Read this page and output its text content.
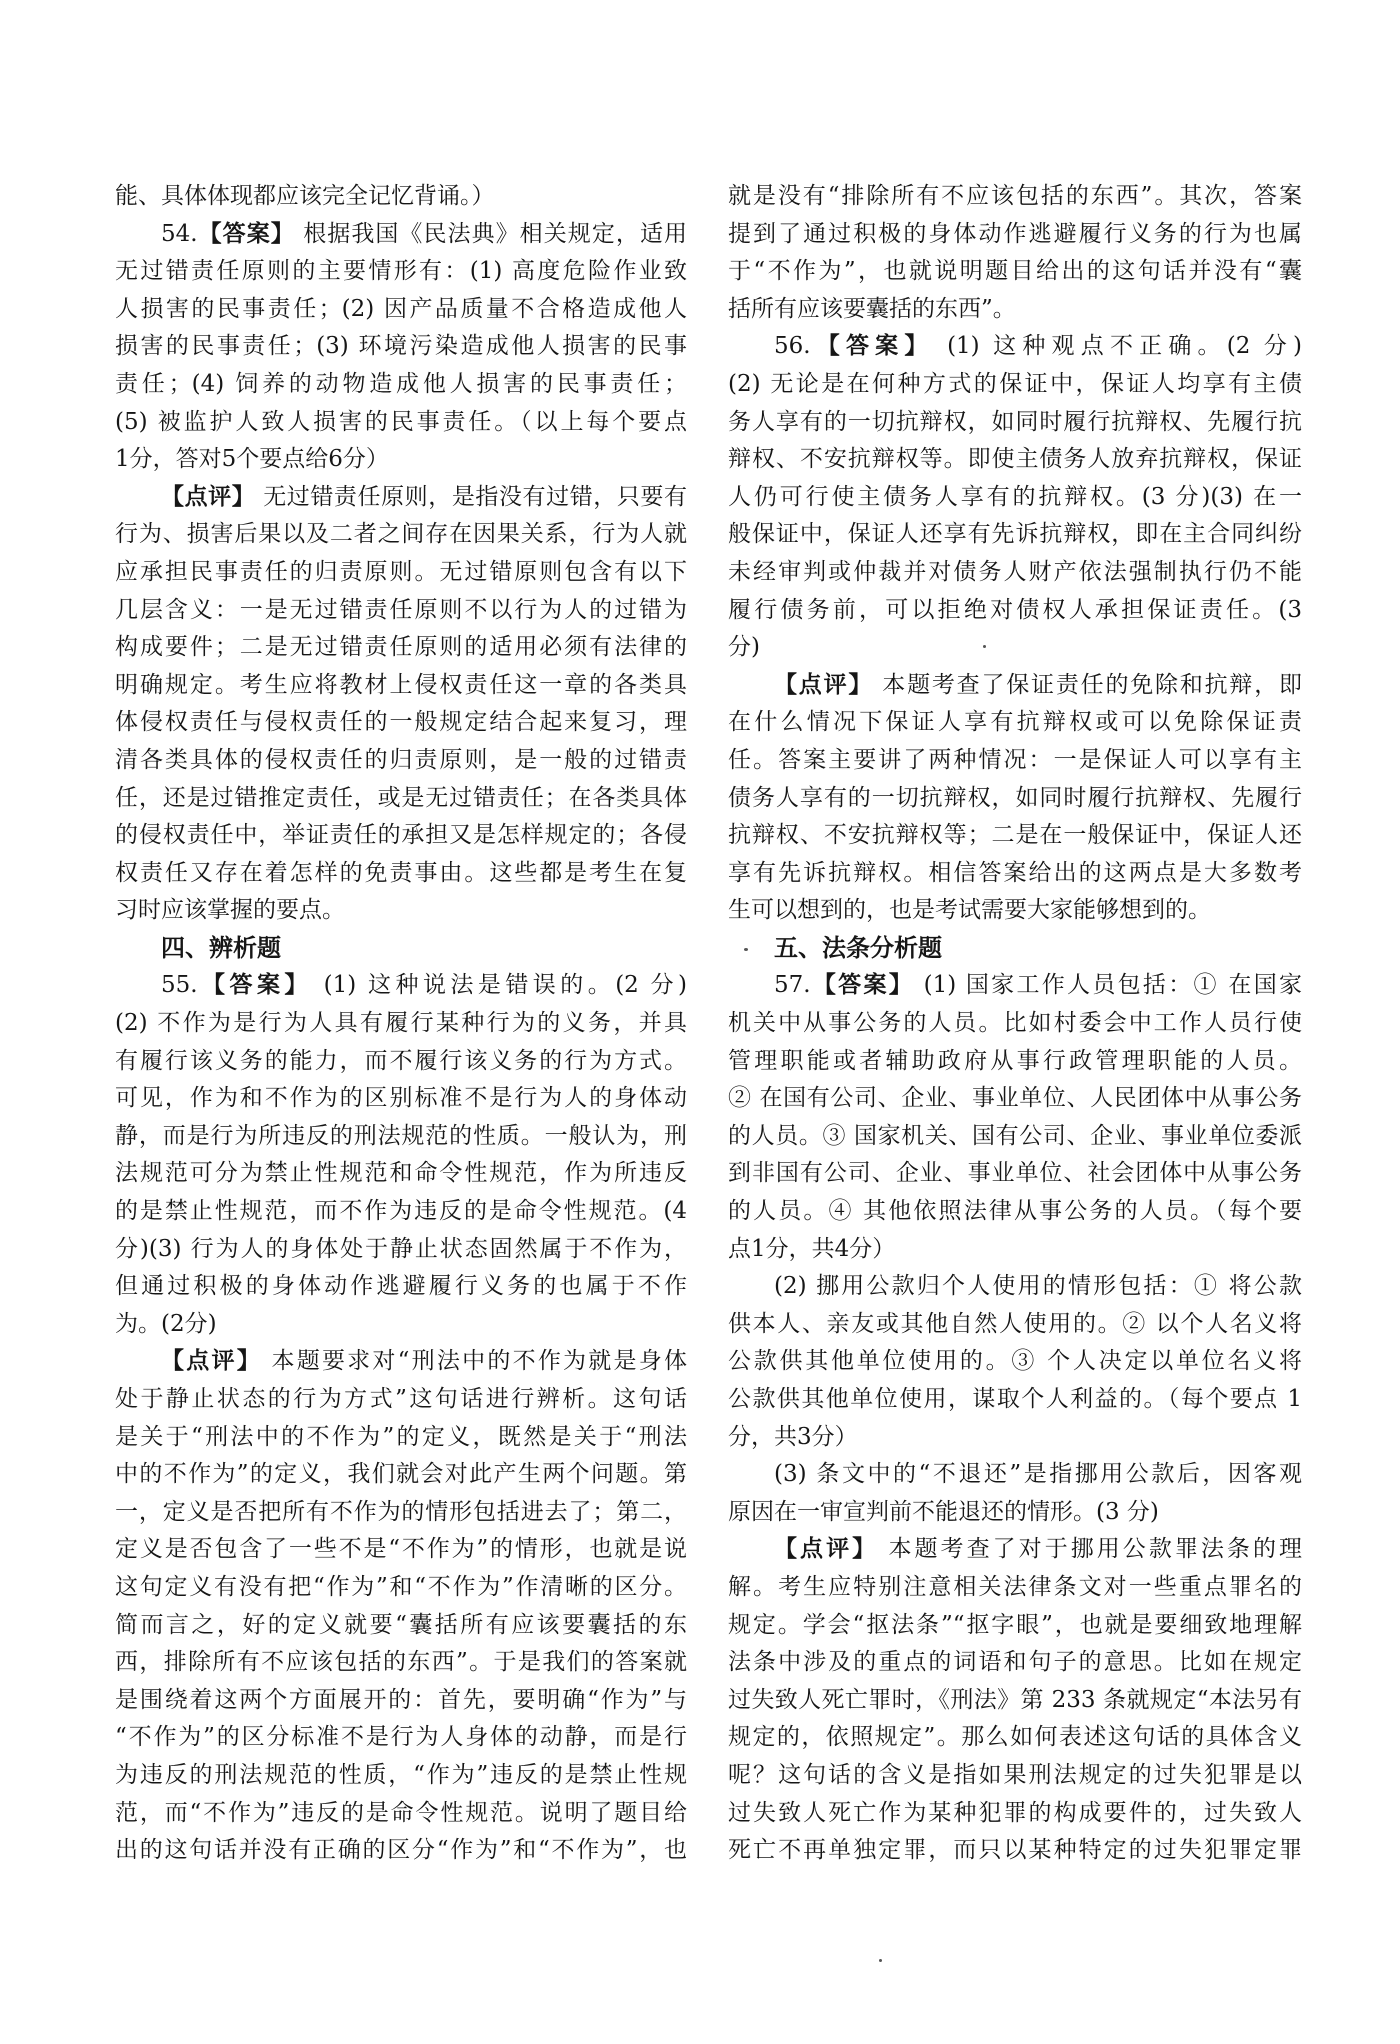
能、具体体现都应该完全记忆背诵。）
54.【答案】 根据我国《民法典》相关规定，适用
无过错责任原则的主要情形有：(1) 高度危险作业致
人损害的民事责任；(2) 因产品质量不合格造成他人
损害的民事责任；(3) 环境污染造成他人损害的民事
责任；(4) 饲养的动物造成他人损害的民事责任；
(5) 被监护人致人损害的民事责任。（以上每个要点
1分，答对5个要点给6分）
【点评】 无过错责任原则，是指没有过错，只要有
行为、损害后果以及二者之间存在因果关系，行为人就
应承担民事责任的归责原则。无过错原则包含有以下
几层含义：一是无过错责任原则不以行为人的过错为
构成要件；二是无过错责任原则的适用必须有法律的
明确规定。考生应将教材上侵权责任这一章的各类具
体侵权责任与侵权责任的一般规定结合起来复习，理
清各类具体的侵权责任的归责原则，是一般的过错责
任，还是过错推定责任，或是无过错责任；在各类具体
的侵权责任中，举证责任的承担又是怎样规定的；各侵
权责任又存在着怎样的免责事由。这些都是考生在复
习时应该掌握的要点。
四、辨析题
55.【答案】 (1) 这种说法是错误的。(2 分)
(2) 不作为是行为人具有履行某种行为的义务，并具
有履行该义务的能力，而不履行该义务的行为方式。
可见，作为和不作为的区别标准不是行为人的身体动
静，而是行为所违反的刑法规范的性质。一般认为，刑
法规范可分为禁止性规范和命令性规范，作为所违反
的是禁止性规范，而不作为违反的是命令性规范。(4
分)(3) 行为人的身体处于静止状态固然属于不作为，
但通过积极的身体动作逃避履行义务的也属于不作
为。(2分)
【点评】 本题要求对“刑法中的不作为就是身体
处于静止状态的行为方式”这句话进行辨析。这句话
是关于“刑法中的不作为”的定义，既然是关于“刑法
中的不作为”的定义，我们就会对此产生两个问题。第
一，定义是否把所有不作为的情形包括进去了；第二，
定义是否包含了一些不是“不作为”的情形，也就是说
这句定义有没有把“作为”和“不作为”作清晰的区分。
简而言之，好的定义就要“囊括所有应该要囊括的东
西，排除所有不应该包括的东西”。于是我们的答案就
是围绕着这两个方面展开的：首先，要明确“作为”与
“不作为”的区分标准不是行为人身体的动静，而是行
为违反的刑法规范的性质，“作为”违反的是禁止性规
范，而“不作为”违反的是命令性规范。说明了题目给
出的这句话并没有正确的区分“作为”和“不作为”，也
就是没有“排除所有不应该包括的东西”。其次，答案
提到了通过积极的身体动作逃避履行义务的行为也属
于“不作为”，也就说明题目给出的这句话并没有“囊
括所有应该要囊括的东西”。
56.【答案】 (1) 这种观点不正确。(2 分)
(2) 无论是在何种方式的保证中，保证人均享有主债
务人享有的一切抗辩权，如同时履行抗辩权、先履行抗
辩权、不安抗辩权等。即使主债务人放弃抗辩权，保证
人仍可行使主债务人享有的抗辩权。(3 分)(3) 在一
般保证中，保证人还享有先诉抗辩权，即在主合同纠纷
未经审判或仲裁并对债务人财产依法强制执行仍不能
履行债务前，可以拒绝对债权人承担保证责任。(3
分)
【点评】 本题考查了保证责任的免除和抗辩，即
在什么情况下保证人享有抗辩权或可以免除保证责
任。答案主要讲了两种情况：一是保证人可以享有主
债务人享有的一切抗辩权，如同时履行抗辩权、先履行
抗辩权、不安抗辩权等；二是在一般保证中，保证人还
享有先诉抗辩权。相信答案给出的这两点是大多数考
生可以想到的，也是考试需要大家能够想到的。
五、法条分析题
57.【答案】 (1) 国家工作人员包括：① 在国家
机关中从事公务的人员。比如村委会中工作人员行使
管理职能或者辅助政府从事行政管理职能的人员。
② 在国有公司、企业、事业单位、人民团体中从事公务
的人员。③ 国家机关、国有公司、企业、事业单位委派
到非国有公司、企业、事业单位、社会团体中从事公务
的人员。④ 其他依照法律从事公务的人员。（每个要
点1分，共4分）
(2) 挪用公款归个人使用的情形包括：① 将公款
供本人、亲友或其他自然人使用的。② 以个人名义将
公款供其他单位使用的。③ 个人决定以单位名义将
公款供其他单位使用，谋取个人利益的。（每个要点 1
分，共3分）
(3) 条文中的“不退还”是指挪用公款后，因客观
原因在一审宣判前不能退还的情形。(3 分)
【点评】 本题考查了对于挪用公款罪法条的理
解。考生应特别注意相关法律条文对一些重点罪名的
规定。学会“抠法条”“抠字眼”，也就是要细致地理解
法条中涉及的重点的词语和句子的意思。比如在规定
过失致人死亡罪时，《刑法》第 233 条就规定“本法另有
规定的，依照规定”。那么如何表述这句话的具体含义
呢？这句话的含义是指如果刑法规定的过失犯罪是以
过失致人死亡作为某种犯罪的构成要件的，过失致人
死亡不再单独定罪，而只以某种特定的过失犯罪定罪
